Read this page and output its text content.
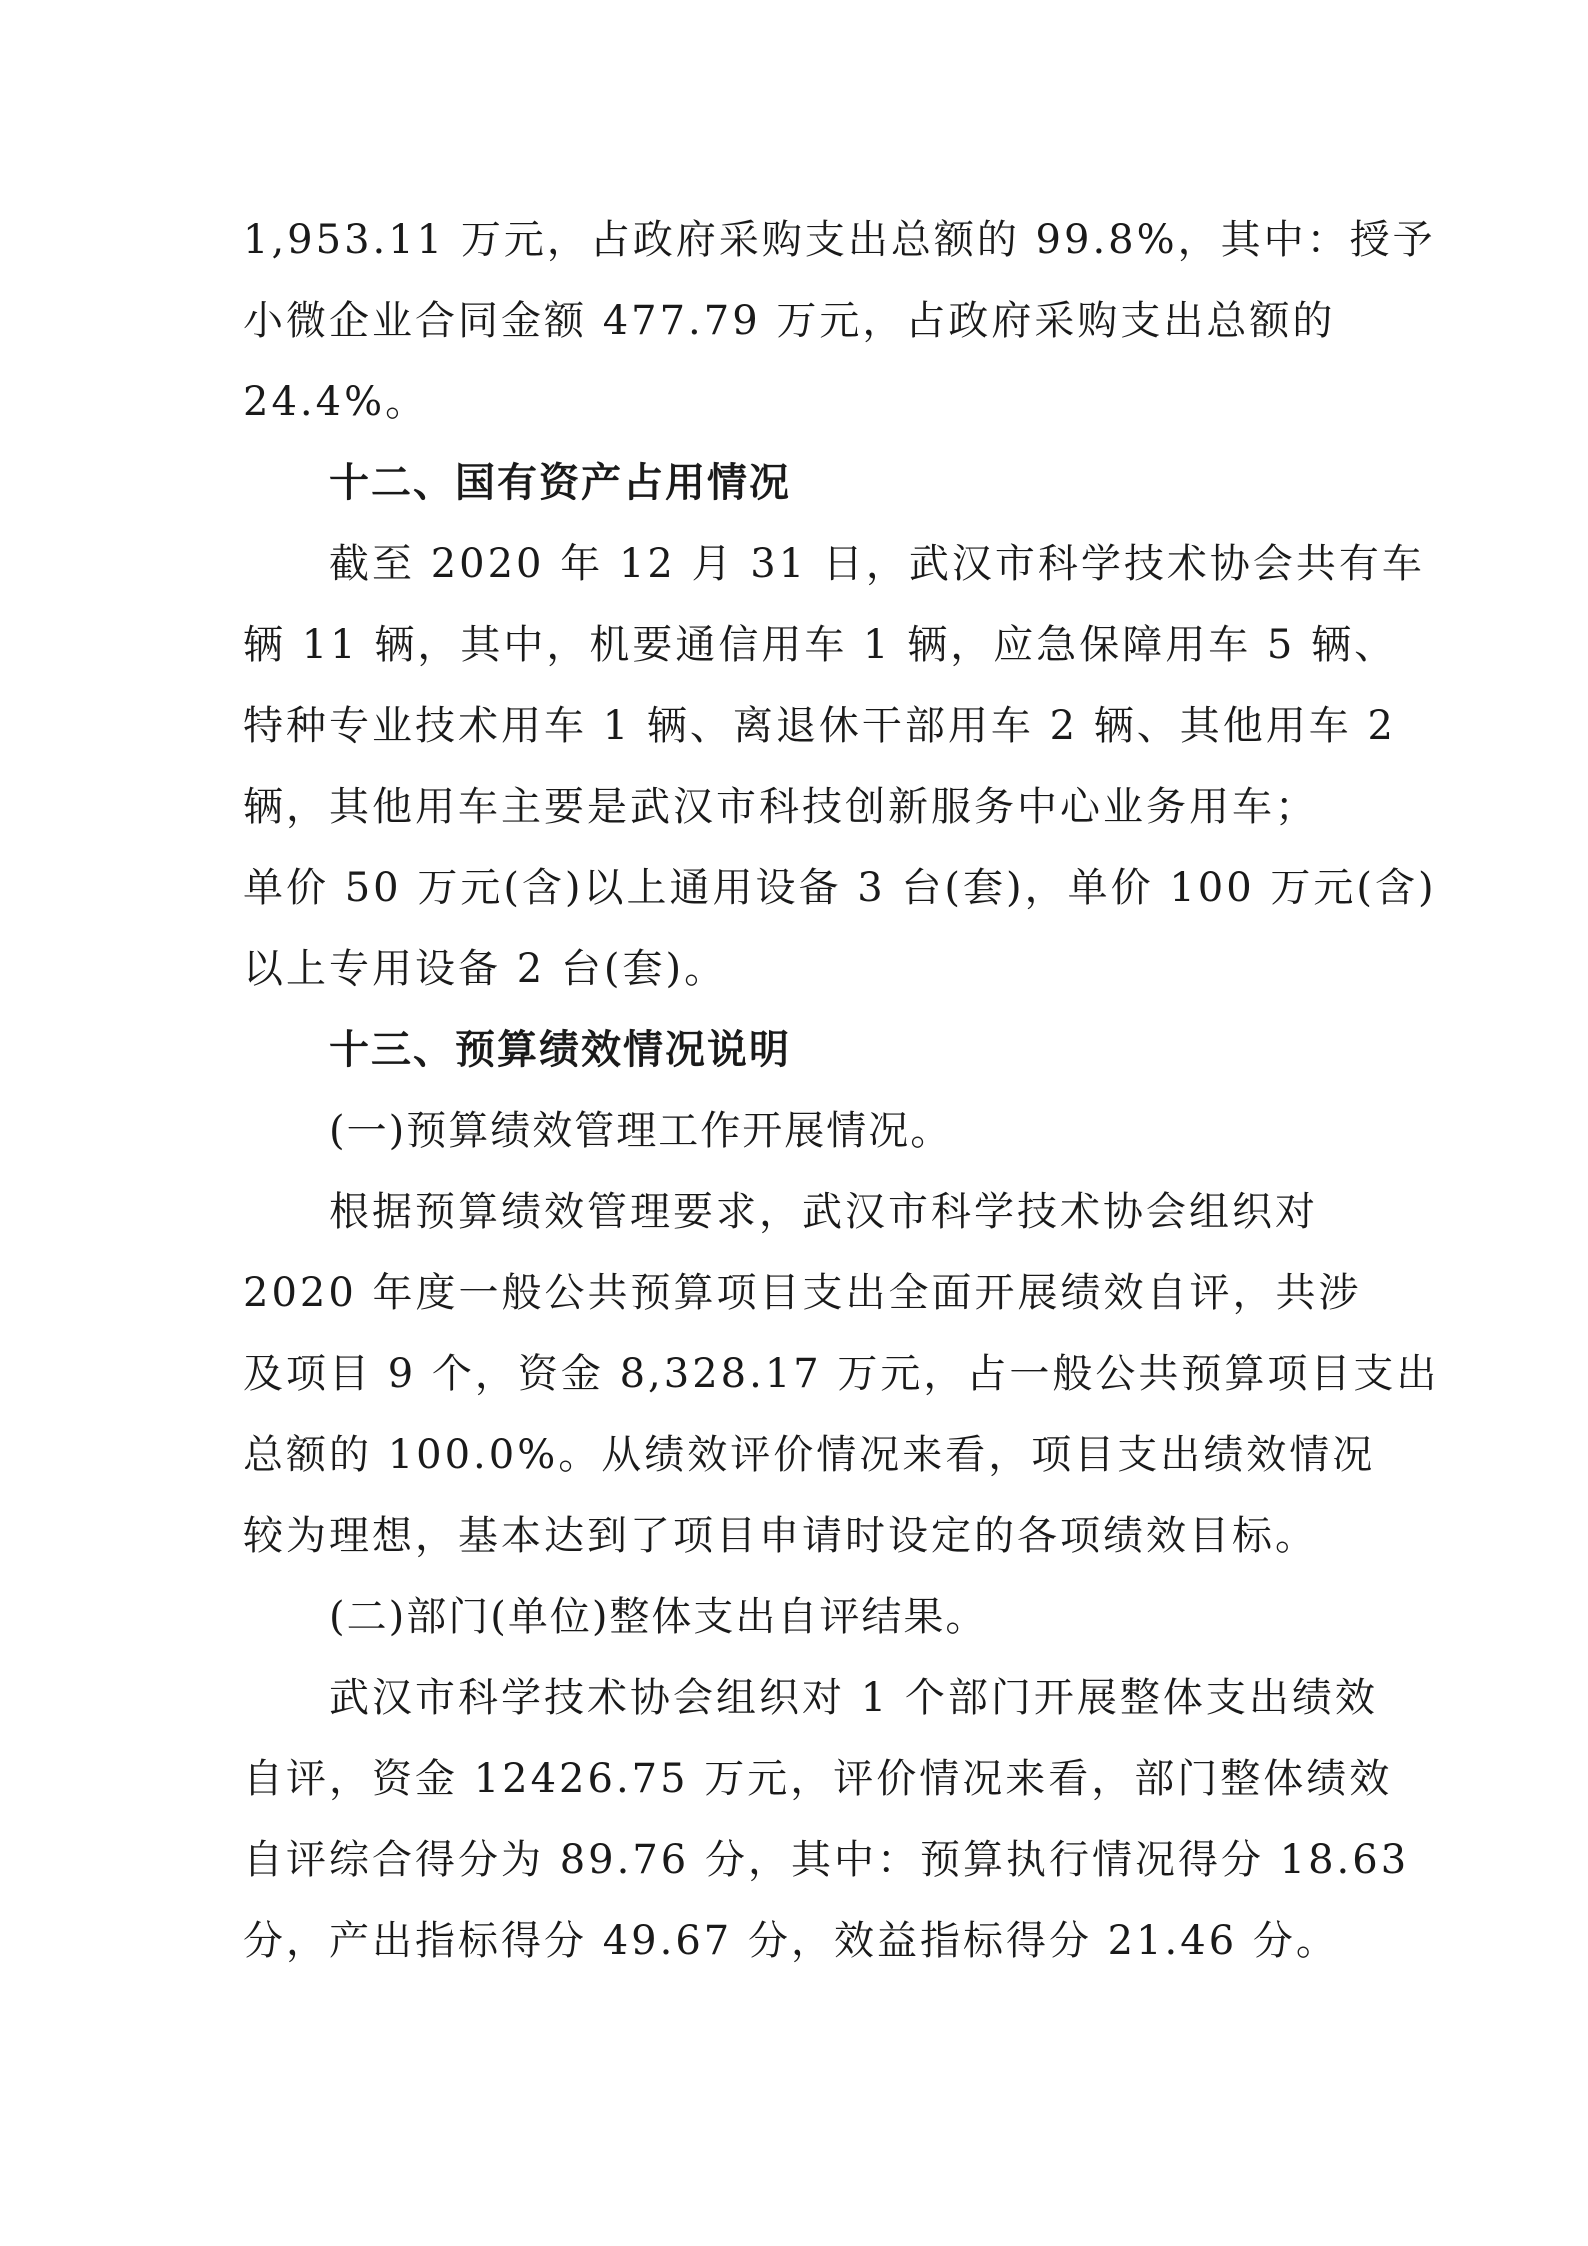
1,953.11 万元，占政府采购支出总额的 99.8%，其中：授予
小微企业合同金额 477.79 万元，占政府采购支出总额的
24.4%。
十二、国有资产占用情况
截至 2020 年 12 月 31 日，武汉市科学技术协会共有车
辆 11 辆，其中，机要通信用车 1 辆，应急保障用车 5 辆、
特种专业技术用车 1 辆、离退休干部用车 2 辆、其他用车 2
辆，其他用车主要是武汉市科技创新服务中心业务用车；
单价 50 万元(含)以上通用设备 3 台(套)，单价 100 万元(含)
以上专用设备 2 台(套)。
十三、预算绩效情况说明
(一)预算绩效管理工作开展情况。
根据预算绩效管理要求，武汉市科学技术协会组织对
2020 年度一般公共预算项目支出全面开展绩效自评，共涉
及项目 9 个，资金 8,328.17 万元，占一般公共预算项目支出
总额的 100.0%。从绩效评价情况来看，项目支出绩效情况
较为理想，基本达到了项目申请时设定的各项绩效目标。
(二)部门(单位)整体支出自评结果。
武汉市科学技术协会组织对 1 个部门开展整体支出绩效
自评，资金 12426.75 万元，评价情况来看，部门整体绩效
自评综合得分为 89.76 分，其中：预算执行情况得分 18.63
分，产出指标得分 49.67 分，效益指标得分 21.46 分。
